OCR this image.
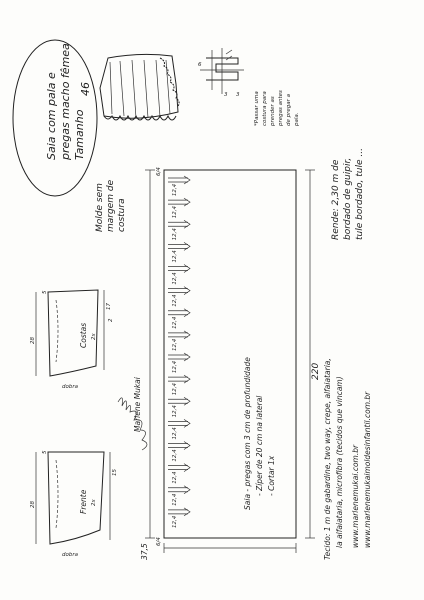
3 3
6
12,4
12,4
12,4
12,4
12,4
12,4
12,4
12,4
12,4
12,4
12,4
12,4
12,4
12,4
12,4
12,4
Saia com pala e pregas macho fêmea Tamanho
46
Molde sem margem de costura
*Passar uma costura para prender as pregas antes de pregar a pala.
Rende: 2,30 m de bordado de guipir, tule bordado, tule ...
Saia - pregas com 3 cm de profundidade - Zíper de 20 cm na lateral - Cortar 1x
220
37,5
6/4
6/4
Costas 2x
28
17
5
2
dobra
Frente 2x
28
15
5
dobra
Marlene Mukai	Tecido: 1 m de gabardine, two way, crepe, alfaiataria, la alfaiataria, microfibra (tecidos que vincam) www.marlenemukai.com.br www.marlenemukaimoldesinfantil.com.br
